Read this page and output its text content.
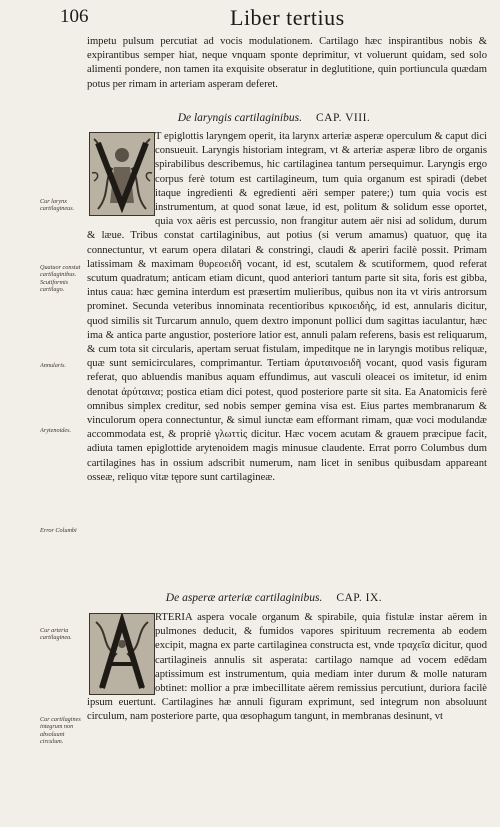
106	Liber tertius

impetu pulsum percutiat ad vocis modulationem. Cartilago hæc inspirantibus nobis & expirantibus semper hiat, neque vnquam sponte deprimitur, vt voluerunt quidam, sed solo alimenti pondere, non tamen ita exquisite obseratur in deglutitione, quin portiuncula quædam potus per rimam in arteriam asperam deferet.

De laryngis cartilaginibus. CAP. VIII.

T epiglottis laryngem operit, ita larynx arteriæ asperæ operculum & caput dici consueuit. Laryngis historiam integram, vt & arteriæ asperæ libro de organis spirabilibus describemus, hic cartilaginea tantum persequimur. Laryngis ergo corpus ferè totum est cartilagineum, tum quia organum est spiradi (debet itaque ingredienti & egredienti aëri semper patere;) tum quia vocis est instrumentum, at quod sonat læue, id est, politum & solidum esse oportet, quia vox aëris est percussio, non frangitur autem aër nisi ad solidum, durum & læue. Tribus constat cartilaginibus, aut potius (si verum amamus) quatuor, quę ita connectuntur, vt earum opera dilatari & constringi, claudi & aperiri facilè possit. Primam latissimam & maximam θυρεοειδῆ vocant, id est, scutalem & scutiformem, quod referat scutum quadratum; anticam etiam dicunt, quod anteriori tantum parte sit sita, foris est gibba, intus caua: hæc gemina interdum est præsertim mulieribus, quibus non ita vt viris antrorsum prominet. Secunda veteribus innominata recentioribus κρικοειδὴς, id est, annularis dicitur, quod similis sit Turcarum annulo, quem dextro imponunt pollici dum sagittas iaculantur, hæc ima & antica parte angustior, posteriore latior est, annuli palam referens, basis est reliquarum, & cum tota sit circularis, apertam seruat fistulam, impeditque ne in laryngis motibus reliquæ, quæ sunt semicirculares, comprimantur. Tertiam ἀρυταινοειδῆ vocant, quod vasis figuram referat, quo abluendis manibus aquam effundimus, aut vasculi oleacei os imitetur, id enim denotat ἀρύταινα; postica etiam dici potest, quod posteriore parte sit sita. Ea Anatomicis ferè omnibus simplex creditur, sed nobis semper gemina visa est. Eius partes membranarum & vinculorum opera connectuntur, & simul iunctæ eam efformant rimam, quæ voci modulandæ accommodata est, & propriè γλωττὶς dicitur. Hæc vocem acutam & grauem præcipue facit, adiuta tamen epiglottide arytenoidem magis minusue claudente. Errat porro Columbus dum cartilagines has in ossium adscribit numerum, nam licet in senibus quibusdam appareant osseæ, reliquo vitæ tępore sunt cartilagineæ.

Cur larynx cartilagineus.
Quatuor constat cartilaginibus. Scutiformis cartilago.
Annularis.
Arytenoides.
Error Columbi
De asperæ arteriæ cartilaginibus. CAP. IX.

RTERIA aspera vocale organum & spirabile, quia fistulæ instar aërem in pulmones deducit, & fumidos vapores spirituum recrementa ab eodem excipit, magna ex parte cartilaginea constructa est, vnde τραχεῖα dicitur, quod cartilagineis annulis sit asperata: cartilago namque ad vocem edēdam aptissimum est instrumentum, quia mediam inter durum & molle naturam obtinet: mollior a præ imbecillitate aërem remissius percutiunt, duriora facilè ipsum euertunt. Cartilagines hæ annuli figuram exprimunt, sed integrum non absoluunt circulum, nam posteriore parte, qua œsophagum tangunt, in membranas desinunt, vt

Cur arteria cartilaginea.
Cur cartilagines integrum non absoluunt circulum.
